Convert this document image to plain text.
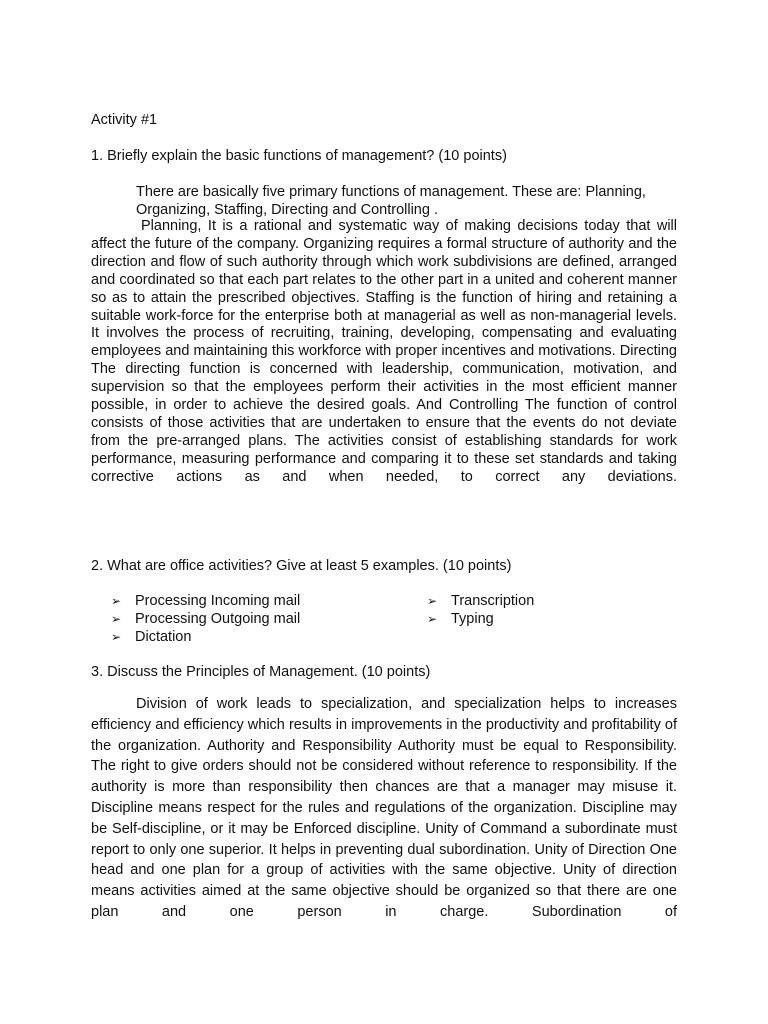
Activity #1
1. Briefly explain the basic functions of management? (10 points)

There are basically five primary functions of management. These are: Planning,

Organizing, Staffing, Directing and Controlling .

Planning, It is a rational and systematic way of making decisions today that will affect the future of the company. Organizing requires a formal structure of authority and the direction and flow of such authority through which work subdivisions are defined, arranged and coordinated so that each part relates to the other part in a united and coherent manner so as to attain the prescribed objectives. Staffing is the function of hiring and retaining a suitable work-force for the enterprise both at managerial as well as non-managerial levels. It involves the process of recruiting, training, developing, compensating and evaluating employees and maintaining this workforce with proper incentives and motivations. Directing The directing function is concerned with leadership, communication, motivation, and supervision so that the employees perform their activities in the most efficient manner possible, in order to achieve the desired goals. And Controlling The function of control consists of those activities that are undertaken to ensure that the events do not deviate from the pre-arranged plans. The activities consist of establishing standards for work performance, measuring performance and comparing it to these set standards and taking corrective actions as and when needed, to correct any deviations.
2. What are office activities? Give at least 5 examples. (10 points)
➢ Processing Incoming mail
➢ Processing Outgoing mail
➢ Dictation
➢ Transcription
➢ Typing
3. Discuss the Principles of Management. (10 points)
Division of work leads to specialization, and specialization helps to increases efficiency and efficiency which results in improvements in the productivity and profitability of the organization. Authority and Responsibility Authority must be equal to Responsibility. The right to give orders should not be considered without reference to responsibility. If the authority is more than responsibility then chances are that a manager may misuse it. Discipline means respect for the rules and regulations of the organization. Discipline may be Self-discipline, or it may be Enforced discipline. Unity of Command a subordinate must report to only one superior. It helps in preventing dual subordination. Unity of Direction One head and one plan for a group of activities with the same objective. Unity of direction means activities aimed at the same objective should be organized so that there are one plan and one person in charge. Subordination of
